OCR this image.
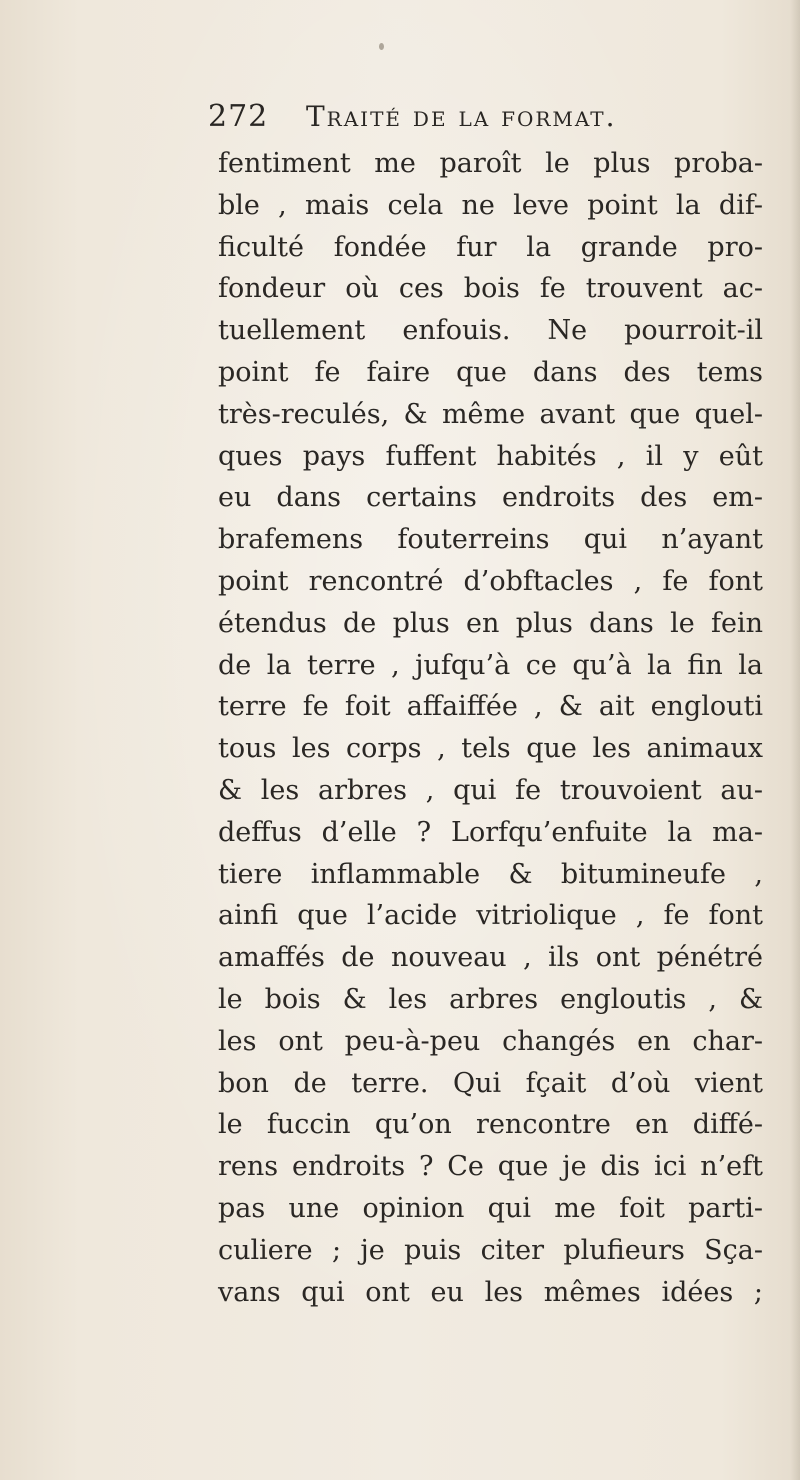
272 Traité de la format.
fentiment me paroît le plus proba-
ble , mais cela ne leve point la dif-
ficulté fondée fur la grande pro-
fondeur où ces bois fe trouvent ac-
tuellement enfouis. Ne pourroit-il
point fe faire que dans des tems
très-reculés, & même avant que quel-
ques pays fuffent habités , il y eût
eu dans certains endroits des em-
brafemens fouterreins qui n’ayant
point rencontré d’obftacles , fe font
étendus de plus en plus dans le fein
de la terre , jufqu’à ce qu’à la fin la
terre fe foit affaiffée , & ait englouti
tous les corps , tels que les animaux
& les arbres , qui fe trouvoient au-
deffus d’elle ? Lorfqu’enfuite la ma-
tiere inflammable & bitumineufe ,
ainfi que l’acide vitriolique , fe font
amaffés de nouveau , ils ont pénétré
le bois & les arbres engloutis , &
les ont peu-à-peu changés en char-
bon de terre. Qui fçait d’où vient
le fuccin qu’on rencontre en diffé-
rens endroits ? Ce que je dis ici n’eft
pas une opinion qui me foit parti-
culiere ; je puis citer plufieurs Sça-
vans qui ont eu les mêmes idées ;
